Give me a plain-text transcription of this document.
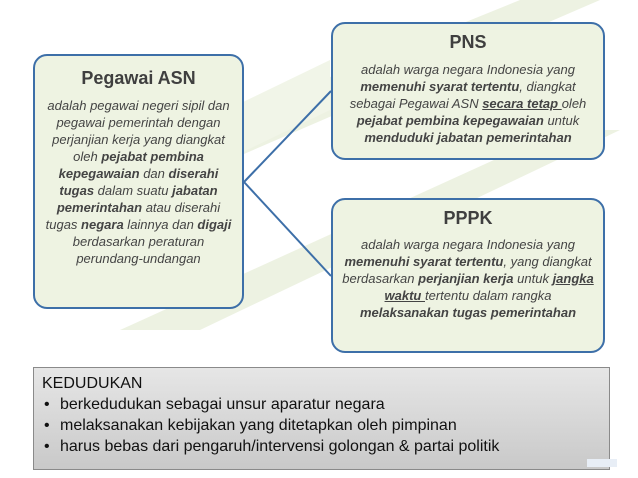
Pegawai ASN
adalah pegawai negeri sipil dan pegawai pemerintah dengan perjanjian kerja yang diangkat oleh pejabat pembina kepegawaian dan diserahi tugas dalam suatu jabatan pemerintahan atau diserahi tugas negara lainnya dan digaji berdasarkan peraturan perundang-undangan
PNS
adalah warga negara Indonesia yang memenuhi syarat tertentu, diangkat sebagai Pegawai ASN secara tetap oleh pejabat pembina kepegawaian untuk menduduki jabatan pemerintahan
PPPK
adalah warga negara Indonesia yang memenuhi syarat tertentu, yang diangkat berdasarkan perjanjian kerja untuk jangka waktu tertentu dalam rangka melaksanakan tugas pemerintahan
KEDUDUKAN
• berkedudukan sebagai unsur aparatur negara
• melaksanakan kebijakan yang ditetapkan oleh pimpinan
• harus bebas dari pengaruh/intervensi golongan & partai politik
